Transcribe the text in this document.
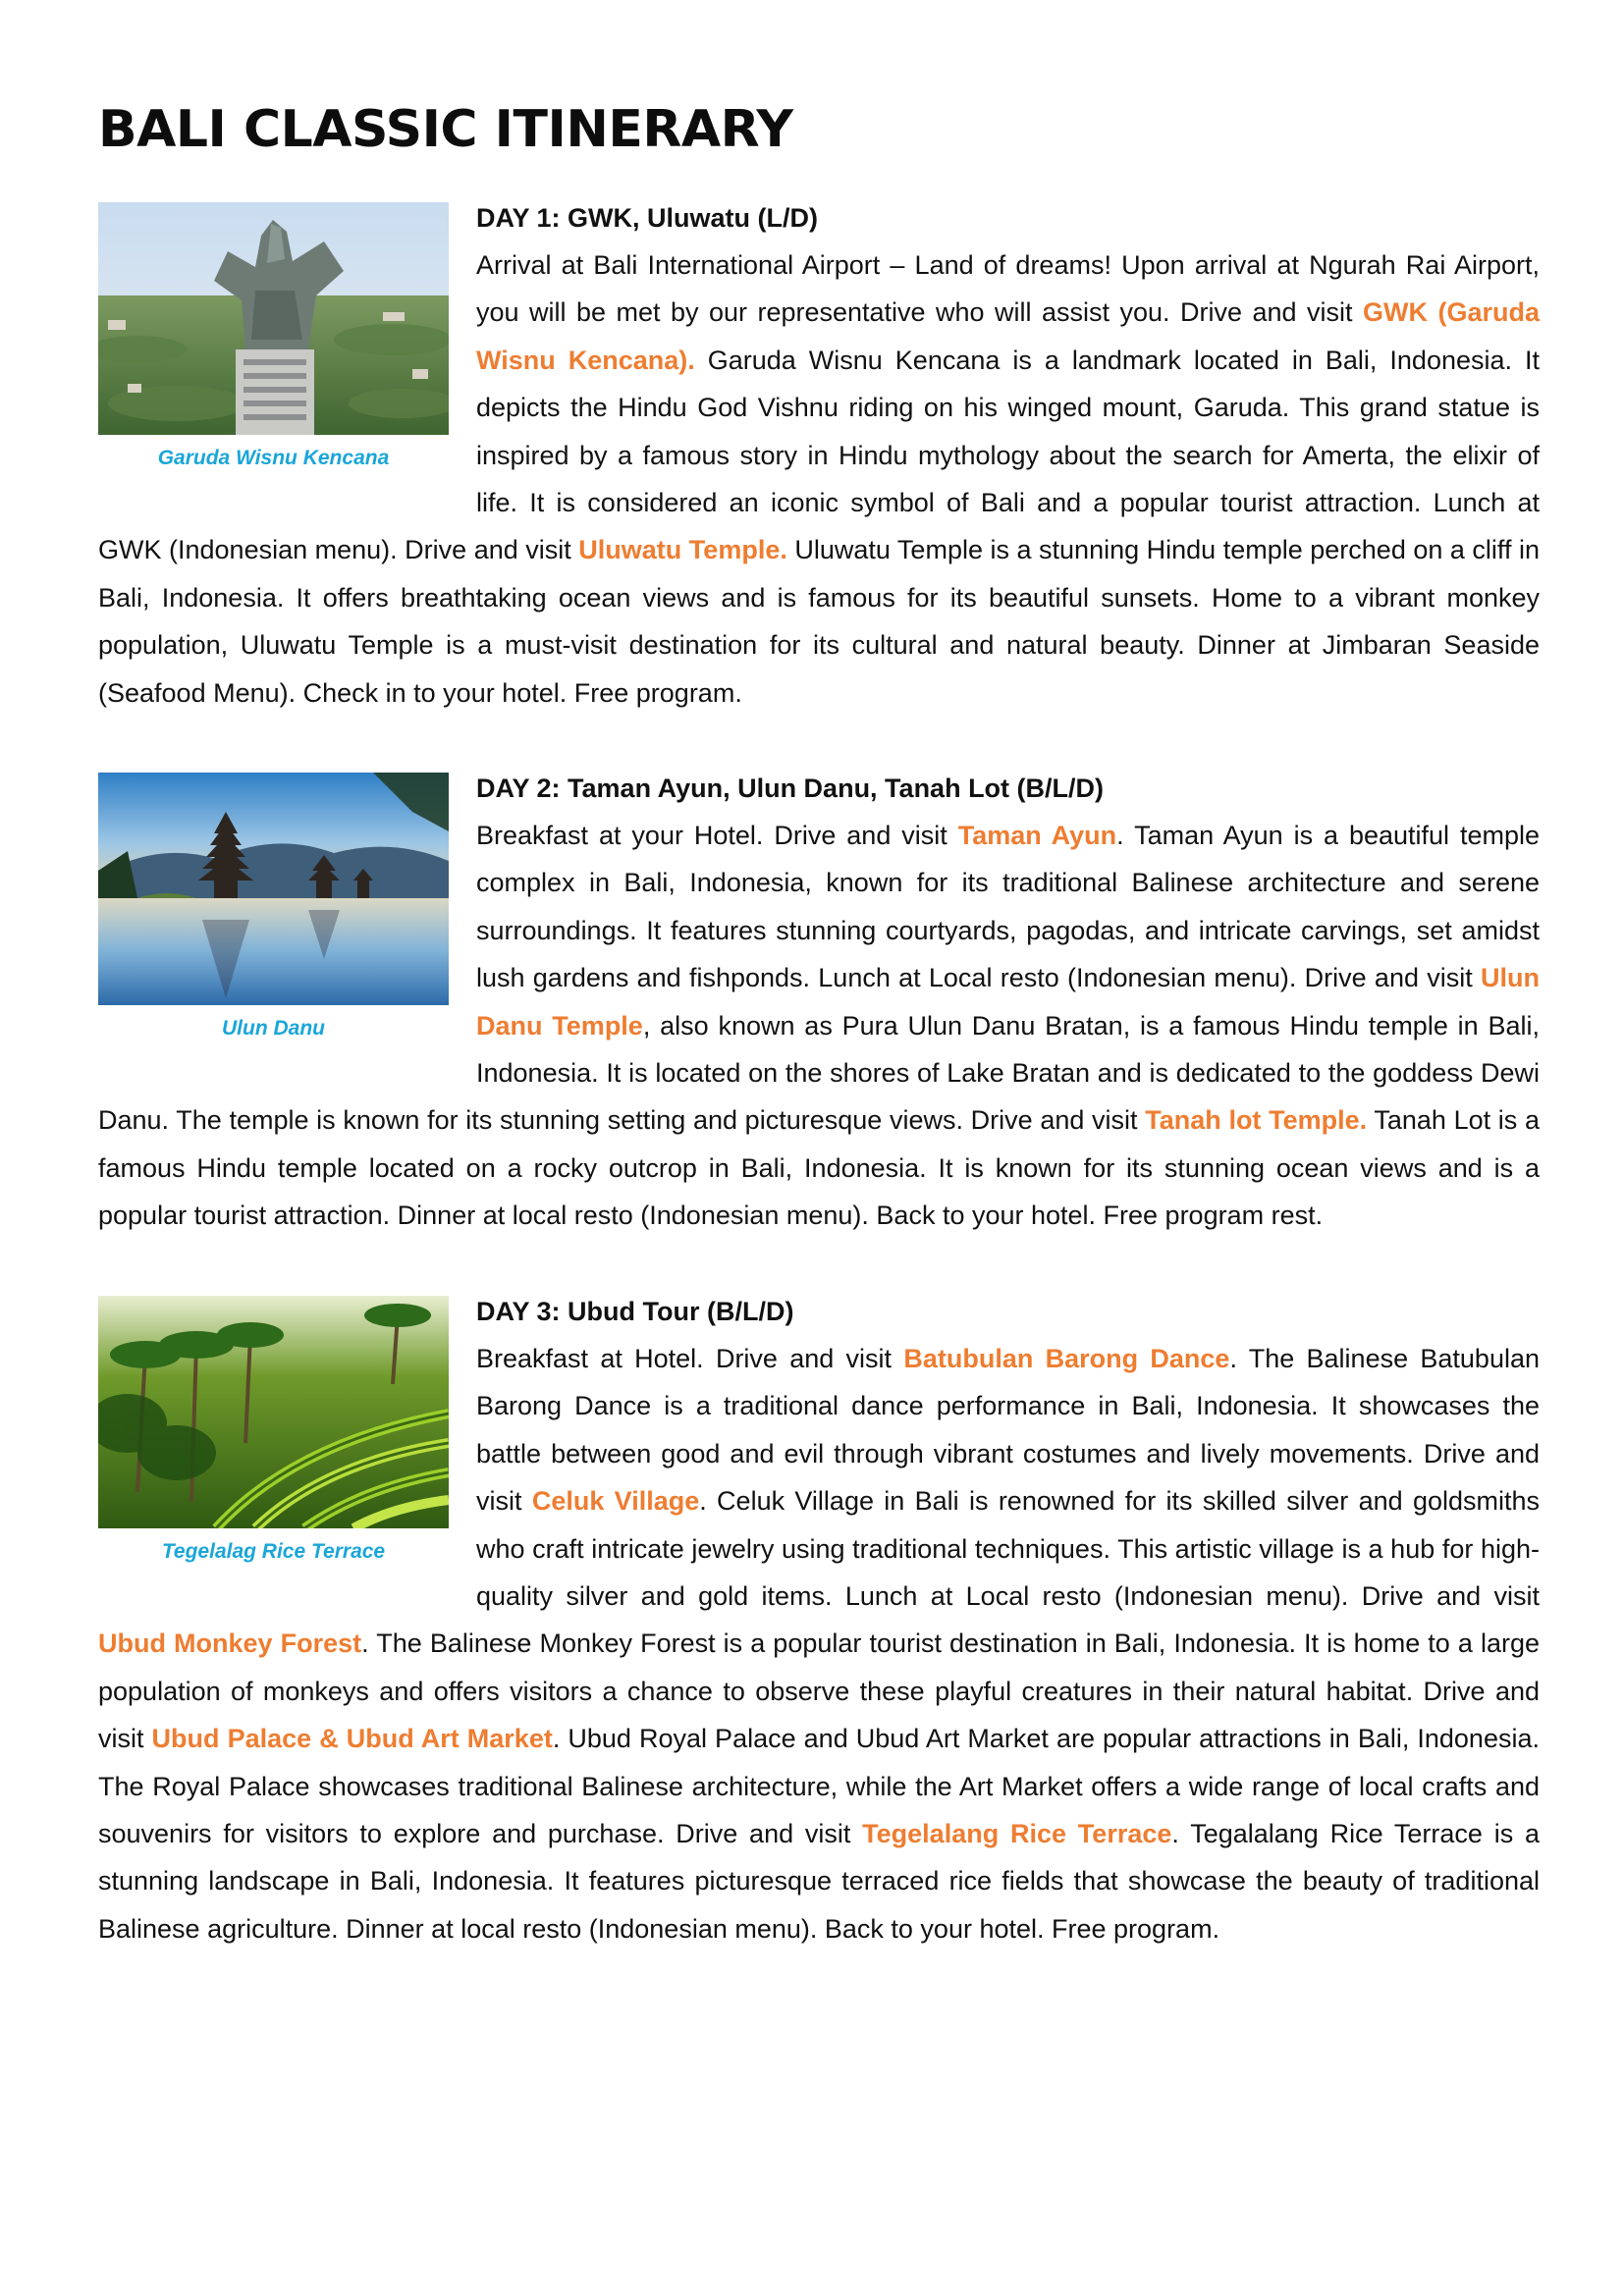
BALI CLASSIC ITINERARY
Garuda Wisnu Kencana
DAY 1: GWK, Uluwatu (L/D)

Arrival at Bali International Airport – Land of dreams! Upon arrival at Ngurah Rai Airport, you will be met by our representative who will assist you. Drive and visit GWK (Garuda Wisnu Kencana). Garuda Wisnu Kencana is a landmark located in Bali, Indonesia. It depicts the Hindu God Vishnu riding on his winged mount, Garuda. This grand statue is inspired by a famous story in Hindu mythology about the search for Amerta, the elixir of life. It is considered an iconic symbol of Bali and a popular tourist attraction. Lunch at GWK (Indonesian menu). Drive and visit Uluwatu Temple. Uluwatu Temple is a stunning Hindu temple perched on a cliff in Bali, Indonesia. It offers breathtaking ocean views and is famous for its beautiful sunsets. Home to a vibrant monkey population, Uluwatu Temple is a must-visit destination for its cultural and natural beauty. Dinner at Jimbaran Seaside (Seafood Menu). Check in to your hotel. Free program.

Ulun Danu
DAY 2: Taman Ayun, Ulun Danu, Tanah Lot (B/L/D)

Breakfast at your Hotel. Drive and visit Taman Ayun. Taman Ayun is a beautiful temple complex in Bali, Indonesia, known for its traditional Balinese architecture and serene surroundings. It features stunning courtyards, pagodas, and intricate carvings, set amidst lush gardens and fishponds. Lunch at Local resto (Indonesian menu). Drive and visit Ulun Danu Temple, also known as Pura Ulun Danu Bratan, is a famous Hindu temple in Bali, Indonesia. It is located on the shores of Lake Bratan and is dedicated to the goddess Dewi Danu. The temple is known for its stunning setting and picturesque views. Drive and visit Tanah lot Temple. Tanah Lot is a famous Hindu temple located on a rocky outcrop in Bali, Indonesia. It is known for its stunning ocean views and is a popular tourist attraction. Dinner at local resto (Indonesian menu). Back to your hotel. Free program rest.

Tegelalag Rice Terrace
DAY 3: Ubud Tour (B/L/D)

Breakfast at Hotel. Drive and visit Batubulan Barong Dance. The Balinese Batubulan Barong Dance is a traditional dance performance in Bali, Indonesia. It showcases the battle between good and evil through vibrant costumes and lively movements. Drive and visit Celuk Village. Celuk Village in Bali is renowned for its skilled silver and goldsmiths who craft intricate jewelry using traditional techniques. This artistic village is a hub for high-quality silver and gold items. Lunch at Local resto (Indonesian menu). Drive and visit Ubud Monkey Forest. The Balinese Monkey Forest is a popular tourist destination in Bali, Indonesia. It is home to a large population of monkeys and offers visitors a chance to observe these playful creatures in their natural habitat. Drive and visit Ubud Palace & Ubud Art Market. Ubud Royal Palace and Ubud Art Market are popular attractions in Bali, Indonesia. The Royal Palace showcases traditional Balinese architecture, while the Art Market offers a wide range of local crafts and souvenirs for visitors to explore and purchase. Drive and visit Tegelalang Rice Terrace. Tegalalang Rice Terrace is a stunning landscape in Bali, Indonesia. It features picturesque terraced rice fields that showcase the beauty of traditional Balinese agriculture. Dinner at local resto (Indonesian menu). Back to your hotel. Free program.
